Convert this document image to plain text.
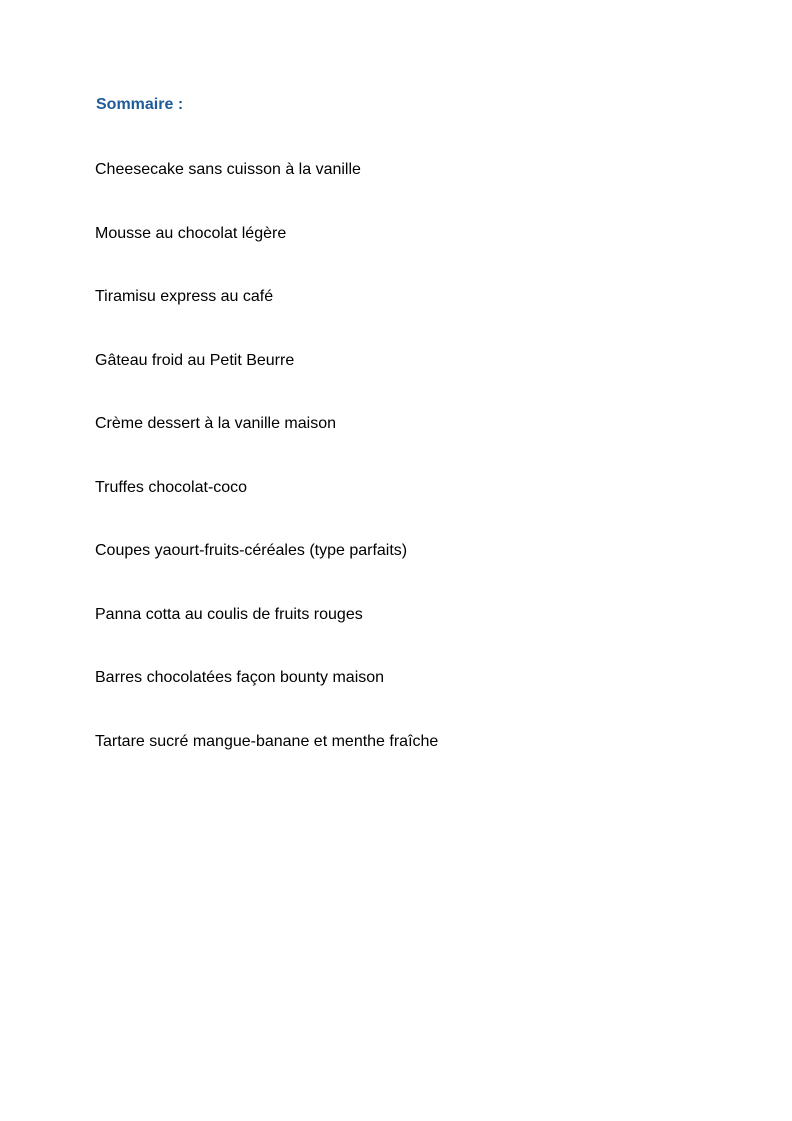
Sommaire :
Cheesecake sans cuisson à la vanille
Mousse au chocolat légère
Tiramisu express au café
Gâteau froid au Petit Beurre
Crème dessert à la vanille maison
Truffes chocolat-coco
Coupes yaourt-fruits-céréales (type parfaits)
Panna cotta au coulis de fruits rouges
Barres chocolatées façon bounty maison
Tartare sucré mangue-banane et menthe fraîche
